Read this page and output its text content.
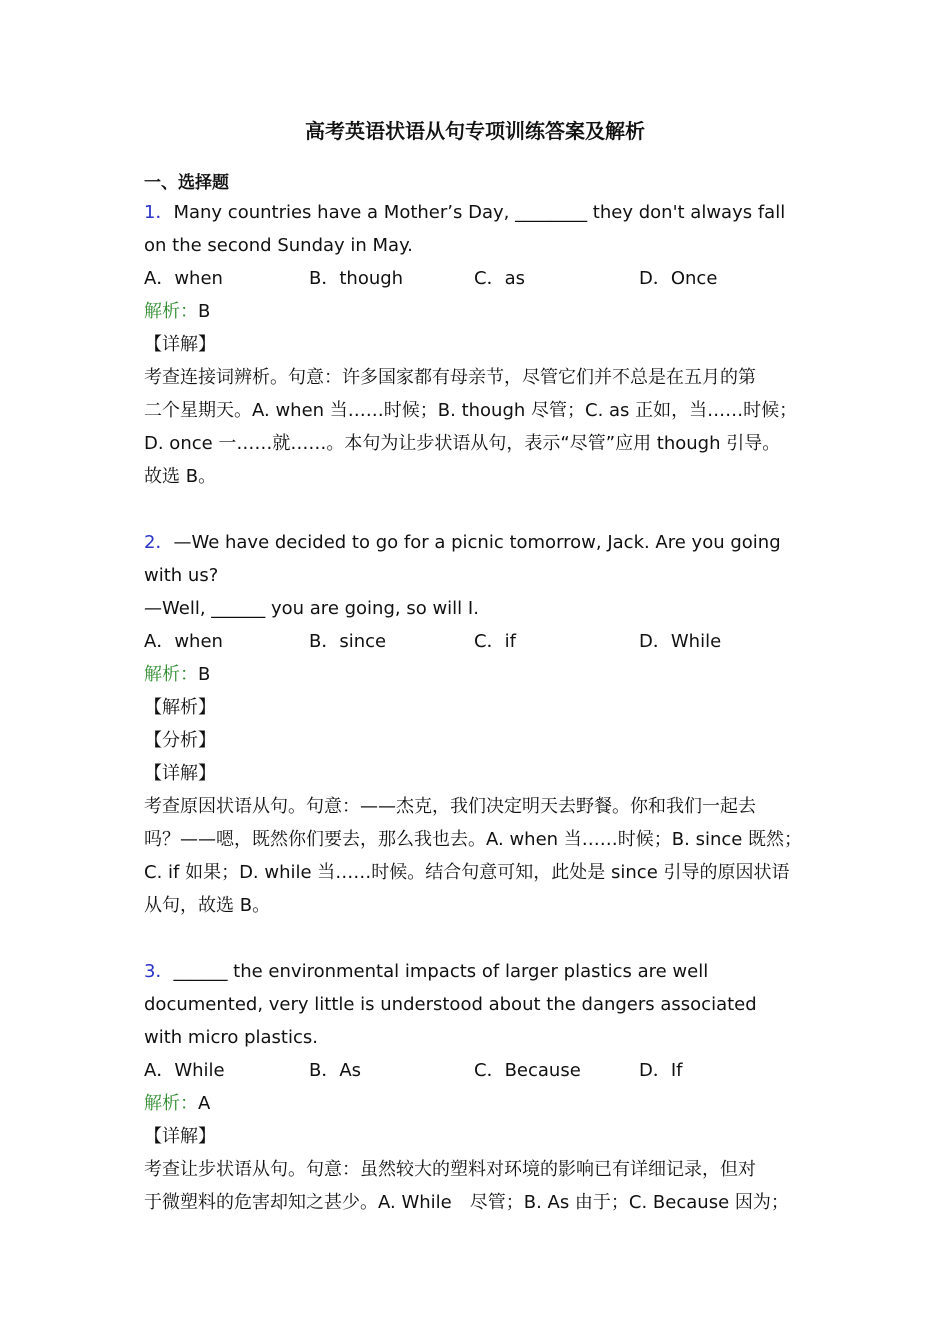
高考英语状语从句专项训练答案及解析

一、选择题

1．Many countries have a Mother’s Day, ________ they don't always fall

on the second Sunday in May.

A．when	B．though	C．as	D．Once

解析：B

【详解】

考查连接词辨析。句意：许多国家都有母亲节，尽管它们并不总是在五月的第

二个星期天。A. when 当……时候；B. though 尽管；C. as 正如，当……时候；

D. once 一……就……。本句为让步状语从句，表示“尽管”应用 though 引导。

故选 B。

2．—We have decided to go for a picnic tomorrow, Jack. Are you going

with us?

—Well, ______ you are going, so will I.

A．when	B．since	C．if	D．While

解析：B

【解析】

【分析】

【详解】

考查原因状语从句。句意：——杰克，我们决定明天去野餐。你和我们一起去

吗？——嗯，既然你们要去，那么我也去。A. when 当……时候；B. since 既然；

C. if 如果；D. while 当……时候。结合句意可知，此处是 since 引导的原因状语

从句，故选 B。

3．______ the environmental impacts of larger plastics are well

documented, very little is understood about the dangers associated

with micro plastics.

A．While	B．As	C．Because	D．If

解析：A

【详解】

考查让步状语从句。句意：虽然较大的塑料对环境的影响已有详细记录，但对

于微塑料的危害却知之甚少。A. While　尽管；B. As 由于；C. Because 因为；
